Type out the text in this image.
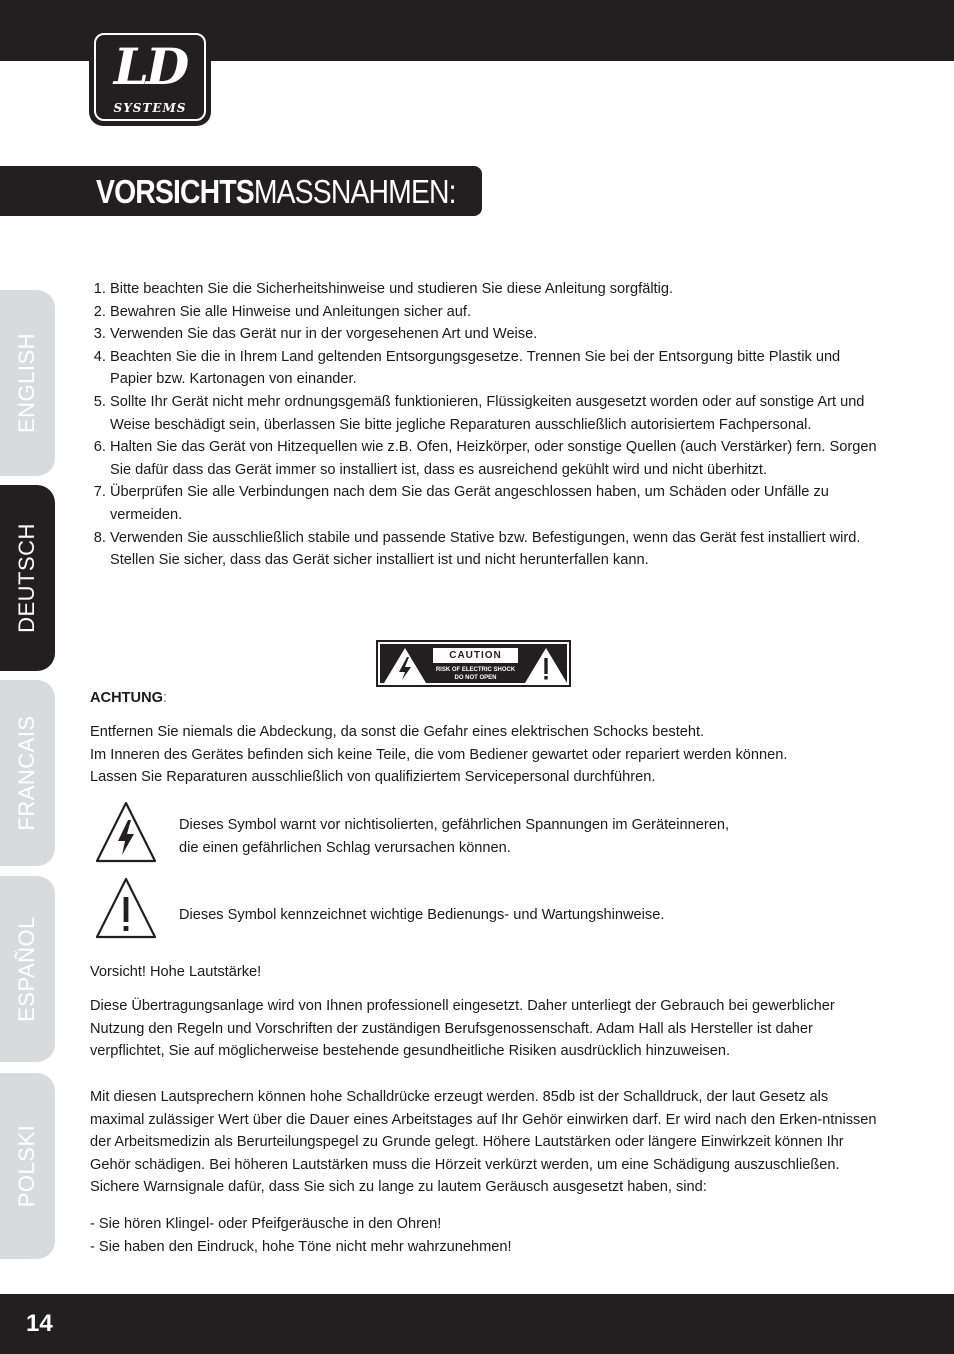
LD
SYSTEMS
VORSICHTSMASSNAHMEN:
ENGLISH
DEUTSCH
FRANCAIS
ESPAÑOL
POLSKI
1. Bitte beachten Sie die Sicherheitshinweise und studieren Sie diese Anleitung sorgfältig.
2. Bewahren Sie alle Hinweise und Anleitungen sicher auf.
3. Verwenden Sie das Gerät nur in der vorgesehenen Art und Weise.
4. Beachten Sie die in Ihrem Land geltenden Entsorgungsgesetze. Trennen Sie bei der Entsorgung bitte Plastik und Papier bzw. Kartonagen von einander.
5. Sollte Ihr Gerät nicht mehr ordnungsgemäß funktionieren, Flüssigkeiten ausgesetzt worden oder auf sonstige Art und Weise beschädigt sein, überlassen Sie bitte jegliche Reparaturen ausschließlich autorisiertem Fachpersonal.
6. Halten Sie das Gerät von Hitzequellen wie z.B. Ofen, Heizkörper, oder sonstige Quellen (auch Verstärker) fern. Sorgen Sie dafür dass das Gerät immer so installiert ist, dass es ausreichend gekühlt wird und nicht überhitzt.
7. Überprüfen Sie alle Verbindungen nach dem Sie das Gerät angeschlossen haben, um Schäden oder Unfälle zu vermeiden.
8. Verwenden Sie ausschließlich stabile und passende Stative bzw. Befestigungen, wenn das Gerät fest installiert wird. Stellen Sie sicher, dass das Gerät sicher installiert ist und nicht herunterfallen kann.
CAUTION
RISK OF ELECTRIC SHOCK
DO NOT OPEN
ACHTUNG:

Entfernen Sie niemals die Abdeckung, da sonst die Gefahr eines elektrischen Schocks besteht.

Im Inneren des Gerätes befinden sich keine Teile, die vom Bediener gewartet oder repariert werden können.

Lassen Sie Reparaturen ausschließlich von qualifiziertem Servicepersonal durchführen.

Dieses Symbol warnt vor nichtisolierten, gefährlichen Spannungen im Geräteinneren,

die einen gefährlichen Schlag verursachen können.

Dieses Symbol kennzeichnet wichtige Bedienungs- und Wartungshinweise.
Vorsicht! Hohe Lautstärke!
Diese Übertragungsanlage wird von Ihnen professionell eingesetzt. Daher unterliegt der Gebrauch bei gewerblicher Nutzung den Regeln und Vorschriften der zuständigen Berufsgenossenschaft. Adam Hall als Hersteller ist daher verpflichtet, Sie auf möglicherweise bestehende gesundheitliche Risiken ausdrücklich hinzuweisen.
Mit diesen Lautsprechern können hohe Schalldrücke erzeugt werden. 85db ist der Schalldruck, der laut Gesetz als maximal zulässiger Wert über die Dauer eines Arbeitstages auf Ihr Gehör einwirken darf. Er wird nach den Erken-ntnissen der Arbeitsmedizin als Berurteilungspegel zu Grunde gelegt. Höhere Lautstärken oder längere Einwirkzeit können Ihr Gehör schädigen. Bei höheren Lautstärken muss die Hörzeit verkürzt werden, um eine Schädigung auszuschließen. Sichere Warnsignale dafür, dass Sie sich zu lange zu lautem Geräusch ausgesetzt haben, sind:

- Sie hören Klingel- oder Pfeifgeräusche in den Ohren!

- Sie haben den Eindruck, hohe Töne nicht mehr wahrzunehmen!

14
